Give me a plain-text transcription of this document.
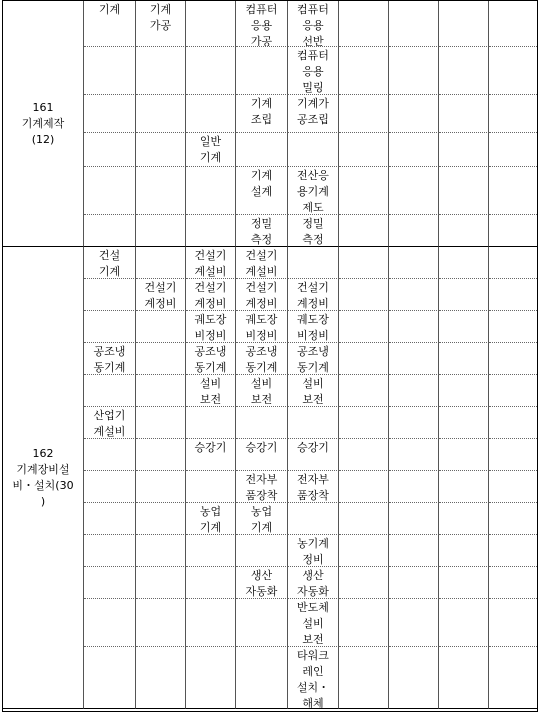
161
기계제작
(12)
기계	기계
가공
컴퓨터
응용
가공
컴퓨터
응용
선반
컴퓨터
응용
밀링
기계
조립
기계가
공조립
일반
기계
기계
설계
전산응
용기계
제도
정밀
측정
정밀
측정
162
기계장비설
비・설치(30
)
건설
기계
건설기
계설비
건설기
계설비
건설기
계정비
건설기
계정비
건설기
계정비
건설기
계정비
궤도장
비정비
궤도장
비정비
궤도장
비정비
공조냉
동기계
공조냉
동기계
공조냉
동기계
공조냉
동기계
설비
보전
설비
보전
설비
보전
산업기
계설비
승강기 승강기 승강기
전자부
품장착
전자부
품장착
농업
기계
농업
기계
농기계
정비
생산
자동화
생산
자동화
반도체
설비
보전
타워크
레인
설치・
해체
